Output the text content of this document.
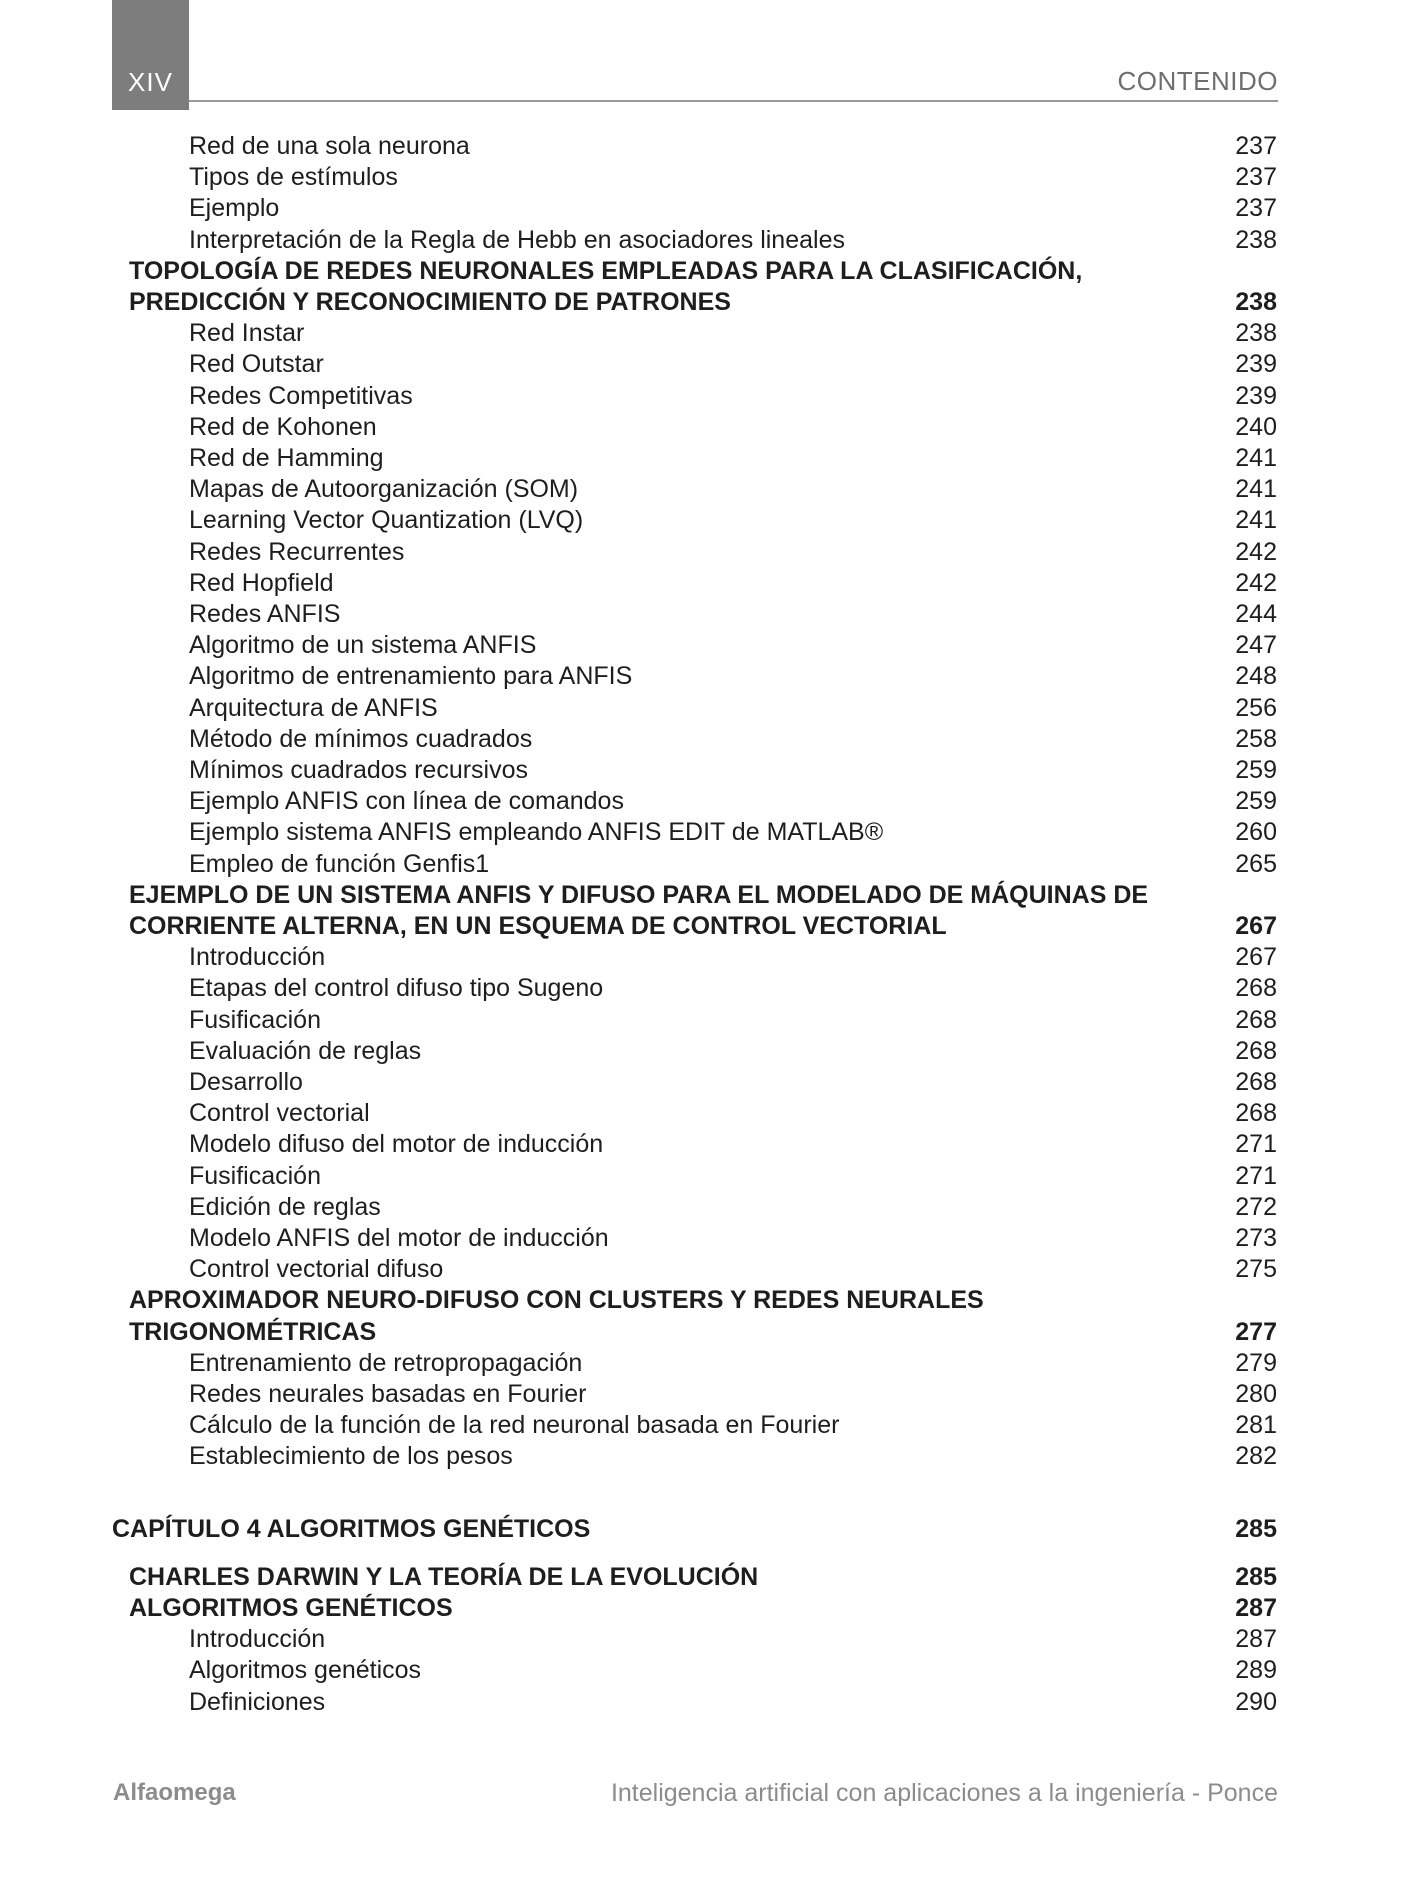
XIV	CONTENIDO
Red de una sola neurona	237
Tipos de estímulos	237
Ejemplo	237
Interpretación de la Regla de Hebb en asociadores lineales	238
TOPOLOGÍA DE REDES NEURONALES EMPLEADAS PARA LA CLASIFICACIÓN,
PREDICCIÓN Y RECONOCIMIENTO DE PATRONES	238
Red Instar	238
Red Outstar	239
Redes Competitivas	239
Red de Kohonen	240
Red de Hamming	241
Mapas de Autoorganización (SOM)	241
Learning Vector Quantization (LVQ)	241
Redes Recurrentes	242
Red Hopfield	242
Redes ANFIS	244
Algoritmo de un sistema ANFIS	247
Algoritmo de entrenamiento para ANFIS	248
Arquitectura de ANFIS	256
Método de mínimos cuadrados	258
Mínimos cuadrados recursivos	259
Ejemplo ANFIS con línea de comandos	259
Ejemplo sistema ANFIS empleando ANFIS EDIT de MATLAB®	260
Empleo de función Genfis1	265
EJEMPLO DE UN SISTEMA ANFIS Y DIFUSO PARA EL MODELADO DE MÁQUINAS DE
CORRIENTE ALTERNA, EN UN ESQUEMA DE CONTROL VECTORIAL	267
Introducción	267
Etapas del control difuso tipo Sugeno	268
Fusificación	268
Evaluación de reglas	268
Desarrollo	268
Control vectorial	268
Modelo difuso del motor de inducción	271
Fusificación	271
Edición de reglas	272
Modelo ANFIS del motor de inducción	273
Control vectorial difuso	275
APROXIMADOR NEURO-DIFUSO CON CLUSTERS Y REDES NEURALES
TRIGONOMÉTRICAS	277
Entrenamiento de retropropagación	279
Redes neurales basadas en Fourier	280
Cálculo de la función de la red neuronal basada en Fourier	281
Establecimiento de los pesos	282
CAPÍTULO 4 ALGORITMOS GENÉTICOS	285
CHARLES DARWIN Y LA TEORÍA DE LA EVOLUCIÓN	285
ALGORITMOS GENÉTICOS	287
Introducción	287
Algoritmos genéticos	289
Definiciones	290
Alfaomega	Inteligencia artificial con aplicaciones a la ingeniería - Ponce
